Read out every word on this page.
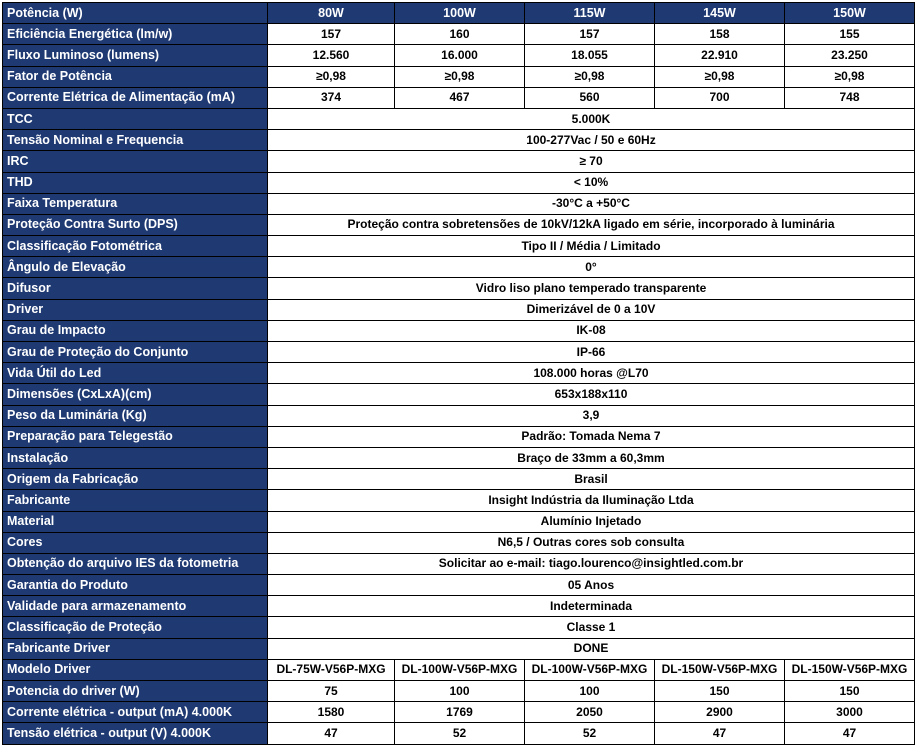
Potência (W)	80W	100W	115W	145W	150W
Eficiência Energética (lm/w)	157	160	157	158	155
Fluxo Luminoso (lumens)	12.560	16.000	18.055	22.910	23.250
Fator de Potência	≥0,98	≥0,98	≥0,98	≥0,98	≥0,98
Corrente Elétrica de Alimentação (mA)	374	467	560	700	748
TCC	5.000K				
Tensão Nominal e Frequencia	100-277Vac / 50 e 60Hz				
IRC	≥ 70				
THD	< 10%				
Faixa Temperatura	-30°C a +50°C				
Proteção Contra Surto (DPS)	Proteção contra sobretensões de 10kV/12kA ligado em série, incorporado à luminária				
Classificação Fotométrica	Tipo II / Média / Limitado				
Ângulo de Elevação	0°				
Difusor	Vidro liso plano temperado transparente				
Driver	Dimerizável de 0 a 10V				
Grau de Impacto	IK-08				
Grau de Proteção do Conjunto	IP-66				
Vida Útil do Led	108.000 horas @L70				
Dimensões (CxLxA)(cm)	653x188x110				
Peso da Luminária (Kg)	3,9				
Preparação para Telegestão	Padrão: Tomada Nema 7				
Instalação	Braço de 33mm a 60,3mm				
Origem da Fabricação	Brasil				
Fabricante	Insight Indústria da Iluminação Ltda				
Material	Alumínio Injetado				
Cores	N6,5 / Outras cores sob consulta				
Obtenção do arquivo IES da fotometria	Solicitar ao e-mail: tiago.lourenco@insightled.com.br				
Garantia do Produto	05 Anos				
Validade para armazenamento	Indeterminada				
Classificação de Proteção	Classe 1				
Fabricante Driver	DONE				
Modelo Driver	DL-75W-V56P-MXG	DL-100W-V56P-MXG	DL-100W-V56P-MXG	DL-150W-V56P-MXG	DL-150W-V56P-MXG
Potencia do driver (W)	75	100	100	150	150
Corrente elétrica - output (mA) 4.000K	1580	1769	2050	2900	3000
Tensão elétrica - output (V) 4.000K	47	52	52	47	47
